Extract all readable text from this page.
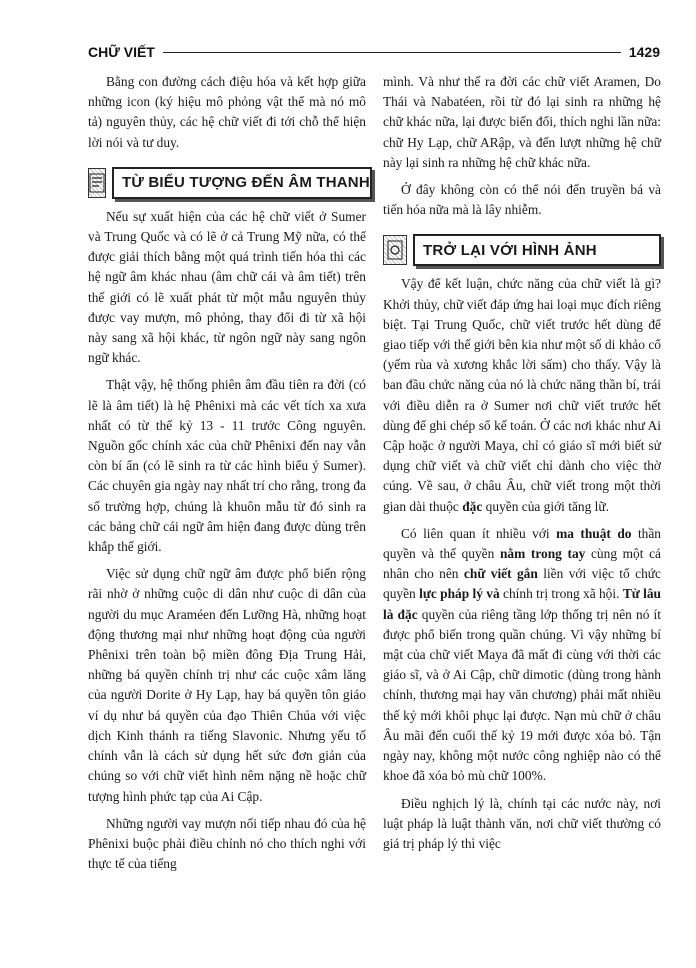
CHỮ VIẾT	1429

Bằng con đường cách điệu hóa và kết hợp giữa những icon (ký hiệu mô phỏng vật thể mà nó mô tả) nguyên thủy, các hệ chữ viết đi tới chỗ thể hiện lời nói và tư duy.

TỪ BIỂU TƯỢNG ĐẾN ÂM THANH

Nếu sự xuất hiện của các hệ chữ viết ở Sumer và Trung Quốc và có lẽ ở cả Trung Mỹ nữa, có thể được giải thích bằng một quá trình tiến hóa thì các hệ ngữ âm khác nhau (âm chữ cái và âm tiết) trên thế giới có lẽ xuất phát từ một mẫu nguyên thủy được vay mượn, mô phỏng, thay đổi đi từ xã hội này sang xã hội khác, từ ngôn ngữ này sang ngôn ngữ khác.

Thật vậy, hệ thống phiên âm đầu tiên ra đời (có lẽ là âm tiết) là hệ Phênixi mà các vết tích xa xưa nhất có từ thế kỷ 13 - 11 trước Công nguyên. Nguồn gốc chính xác của chữ Phênixi đến nay vẫn còn bí ẩn (có lẽ sinh ra từ các hình biểu ý Sumer). Các chuyên gia ngày nay nhất trí cho rằng, trong đa số trường hợp, chúng là khuôn mẫu từ đó sinh ra các bảng chữ cái ngữ âm hiện đang được dùng trên khắp thế giới.

Việc sử dụng chữ ngữ âm được phổ biến rộng rãi nhờ ở những cuộc di dân như cuộc di dân của người du mục Araméen đến Lưỡng Hà, những hoạt động thương mại như những hoạt động của người Phênixi trên toàn bộ miền đông Địa Trung Hải, những bá quyền chính trị như các cuộc xâm lăng của người Dorite ở Hy Lạp, hay bá quyền tôn giáo ví dụ như bá quyền của đạo Thiên Chúa với việc dịch Kinh thánh ra tiếng Slavonic. Nhưng yếu tố chính vẫn là cách sử dụng hết sức đơn giản của chúng so với chữ viết hình nêm nặng nề hoặc chữ tượng hình phức tạp của Ai Cập.

Những người vay mượn nối tiếp nhau đó của hệ Phênixi buộc phải điều chỉnh nó cho thích nghi với thực tế của tiếng

mình. Và như thế ra đời các chữ viết Aramen, Do Thái và Nabatéen, rồi từ đó lại sinh ra những hệ chữ khác nữa, lại được biến đổi, thích nghi lần nữa: chữ Hy Lạp, chữ ARập, và đến lượt những hệ chữ này lại sinh ra những hệ chữ khác nữa.

Ở đây không còn có thể nói đến truyền bá và tiến hóa nữa mà là lây nhiễm.

TRỞ LẠI VỚI HÌNH ẢNH

Vậy để kết luận, chức năng của chữ viết là gì? Khởi thủy, chữ viết đáp ứng hai loại mục đích riêng biệt. Tại Trung Quốc, chữ viết trước hết dùng để giao tiếp với thế giới bên kia như một số di khảo cổ (yếm rùa và xương khắc lời sấm) cho thấy. Vậy là ban đầu chức năng của nó là chức năng thần bí, trái với điều diễn ra ở Sumer nơi chữ viết trước hết dùng để ghi chép sổ kế toán. Ở các nơi khác như Ai Cập hoặc ở người Maya, chỉ có giáo sĩ mới biết sử dụng chữ viết và chữ viết chỉ dành cho việc thờ cúng. Về sau, ở châu Âu, chữ viết trong một thời gian dài thuộc đặc quyền của giới tăng lữ.

Có liên quan ít nhiều với ma thuật do thần quyền và thế quyền nằm trong tay cùng một cá nhân cho nên chữ viết gắn liền với việc tổ chức quyền lực pháp lý và chính trị trong xã hội. Từ lâu là đặc quyền của riêng tầng lớp thống trị nên nó ít được phổ biến trong quần chúng. Vì vậy những bí mật của chữ viết Maya đã mất đi cùng với thời các giáo sĩ, và ở Ai Cập, chữ dimotic (dùng trong hành chính, thương mại hay văn chương) phải mất nhiều thế kỷ mới khôi phục lại được. Nạn mù chữ ở châu Âu mãi đến cuối thế kỷ 19 mới được xóa bỏ. Tận ngày nay, không một nước công nghiệp nào có thể khoe đã xóa bỏ mù chữ 100%.

Điều nghịch lý là, chính tại các nước này, nơi luật pháp là luật thành văn, nơi chữ viết thường có giá trị pháp lý thì việc
